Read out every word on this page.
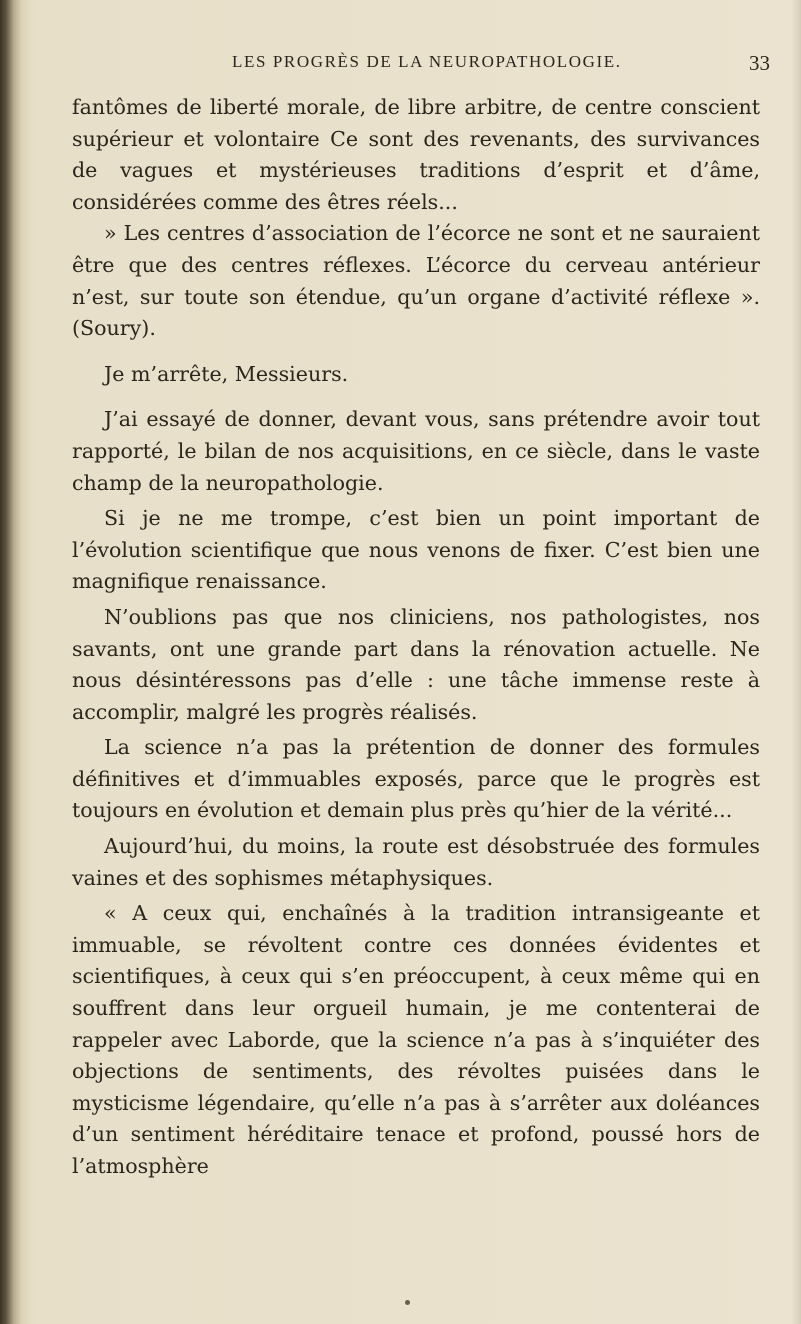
LES PROGRÈS DE LA NEUROPATHOLOGIE.	33

fantômes de liberté morale, de libre arbitre, de centre conscient supérieur et volontaire Ce sont des revenants, des survivances de vagues et mystérieuses traditions d’esprit et d’âme, considérées comme des êtres réels...

» Les centres d’association de l’écorce ne sont et ne sauraient être que des centres réflexes. L’écorce du cerveau antérieur n’est, sur toute son étendue, qu’un organe d’activité réflexe ». (Soury).

Je m’arrête, Messieurs.

J’ai essayé de donner, devant vous, sans prétendre avoir tout rapporté, le bilan de nos acquisitions, en ce siècle, dans le vaste champ de la neuropathologie.

Si je ne me trompe, c’est bien un point important de l’évolution scientifique que nous venons de fixer. C’est bien une magnifique renaissance.

N’oublions pas que nos cliniciens, nos pathologistes, nos savants, ont une grande part dans la rénovation actuelle. Ne nous désintéressons pas d’elle : une tâche immense reste à accomplir, malgré les progrès réalisés.

La science n’a pas la prétention de donner des formules définitives et d’immuables exposés, parce que le progrès est toujours en évolution et demain plus près qu’hier de la vérité...

Aujourd’hui, du moins, la route est désobstruée des formules vaines et des sophismes métaphysiques.

« A ceux qui, enchaînés à la tradition intransigeante et immuable, se révoltent contre ces données évidentes et scientifiques, à ceux qui s’en préoccupent, à ceux même qui en souffrent dans leur orgueil humain, je me contenterai de rappeler avec Laborde, que la science n’a pas à s’inquiéter des objections de sentiments, des révoltes puisées dans le mysticisme légendaire, qu’elle n’a pas à s’arrêter aux doléances d’un sentiment héréditaire tenace et profond, poussé hors de l’atmosphère
